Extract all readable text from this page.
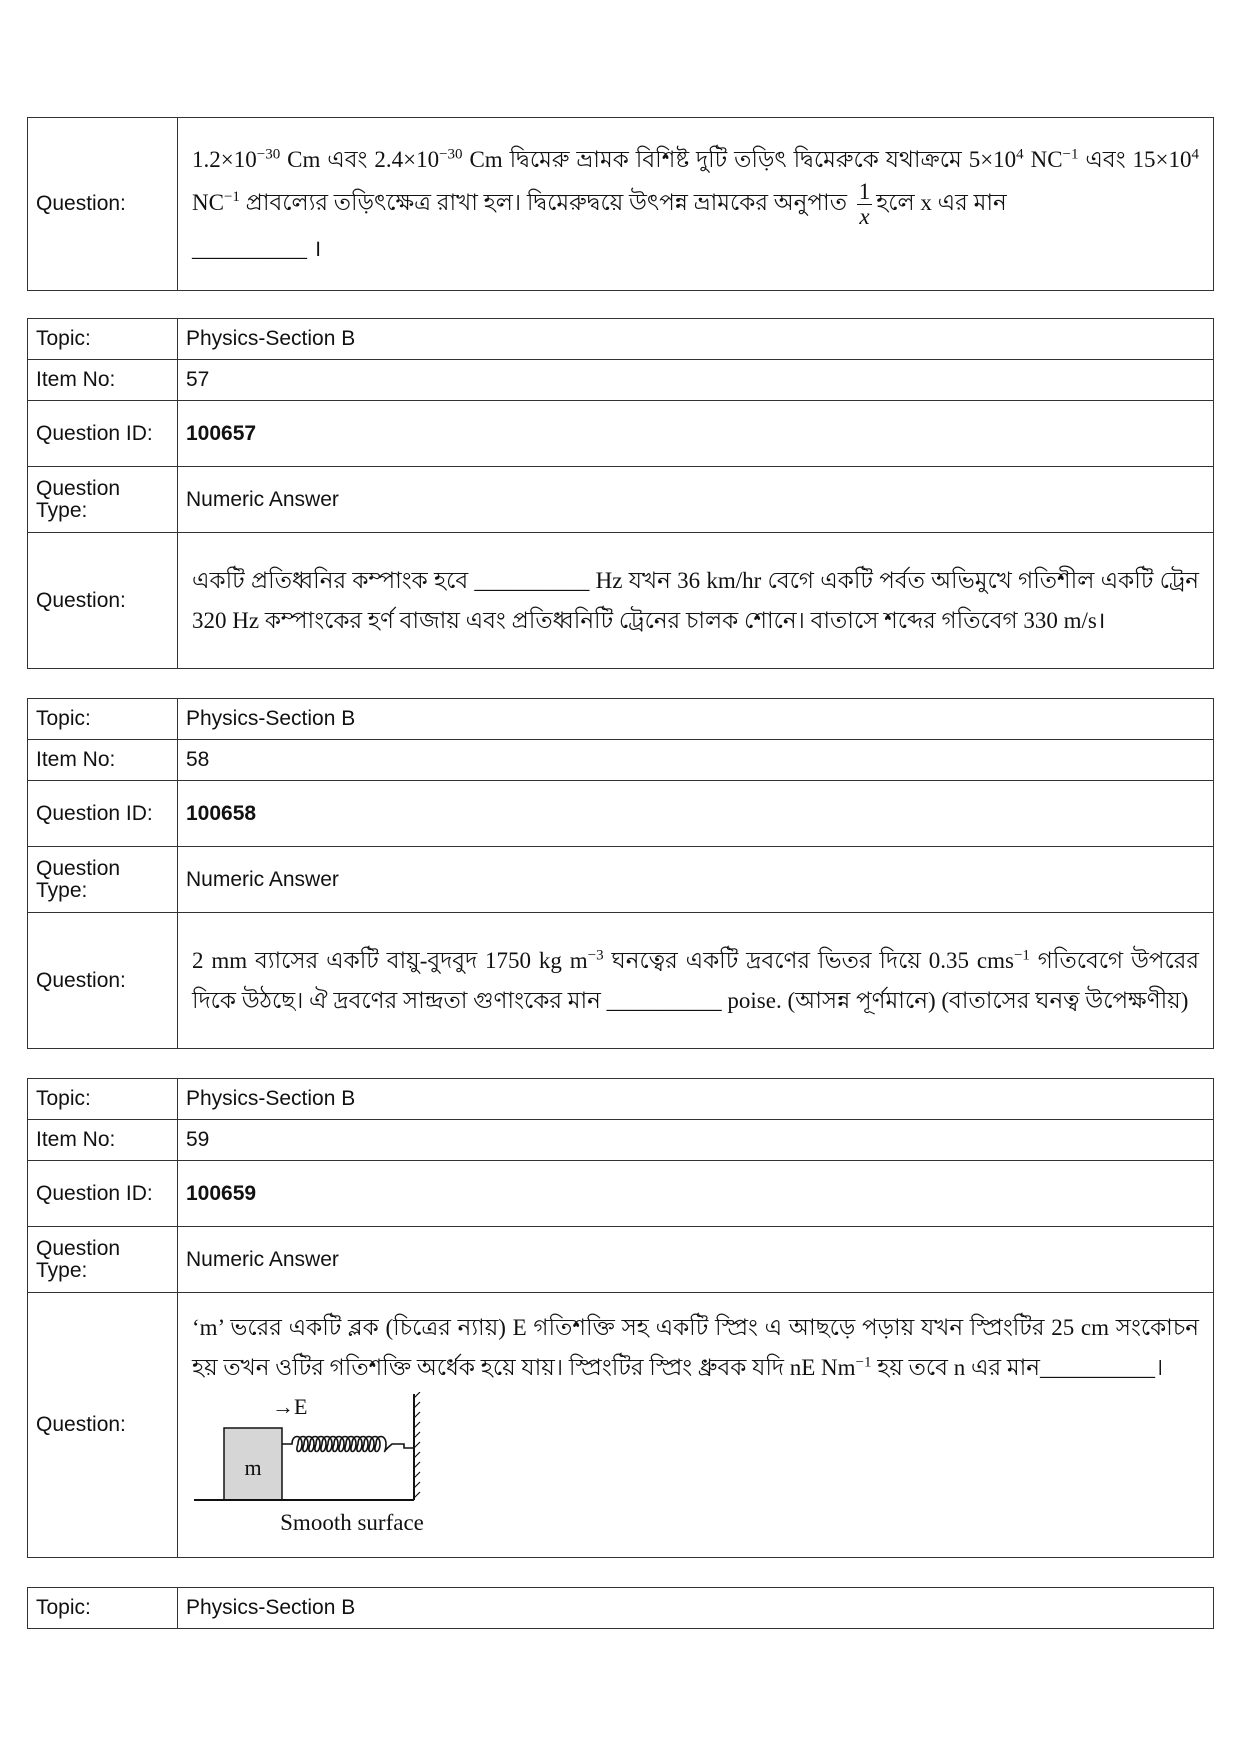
Question:	

$1.2\times 10^{-30}$ Cm এবং $2.4\times 10^{-30}$ Cm দ্বিমেরু ভ্রামক বিশিষ্ট দুটি তড়িৎ দ্বিমেরুকে যথাক্রমে $5\times 10^4$ $NC^{-1}$ এবং $15\times 10^4$ $NC^{-1}$ প্রাবল্যের তড়িৎক্ষেত্র রাখা হল। দ্বিমেরুদ্বয়ে উৎপন্ন ভ্রামকের অনুপাত $\frac{1}{x}$ হলে x এর মান

__________ ।

Topic:	Physics-Section B
Item No:	57
Question ID:	100657
Question Type:	Numeric Answer
Question:	একটি প্রতিধ্বনির কম্পাংক হবে __________ Hz যখন 36 km/hr বেগে একটি পর্বত অভিমুখে গতিশীল একটি ট্রেন 320 Hz কম্পাংকের হর্ণ বাজায় এবং প্রতিধ্বনিটি ট্রেনের চালক শোনে। বাতাসে শব্দের গতিবেগ 330 m/s।

Topic:	Physics-Section B
Item No:	58
Question ID:	100658
Question Type:	Numeric Answer
Question:	2 mm ব্যাসের একটি বায়ু-বুদবুদ 1750 kg $m^{-3}$ ঘনত্বের একটি দ্রবণের ভিতর দিয়ে 0.35 cms$^{-1}$ গতিবেগে উপরের দিকে উঠছে। ঐ দ্রবণের সান্দ্রতা গুণাংকের মান __________ poise. (আসন্ন পূর্ণমানে) (বাতাসের ঘনত্ব উপেক্ষণীয়)

Topic:	Physics-Section B
Item No:	59
Question ID:	100659
Question Type:	Numeric Answer
Question:	‘m’ ভরের একটি ব্লক (চিত্রের ন্যায়) E গতিশক্তি সহ একটি স্প্রিং এ আছড়ে পড়ায় যখন স্প্রিংটির 25 cm সংকোচন হয় তখন ওটির গতিশক্তি অর্ধেক হয়ে যায়। স্প্রিংটির স্প্রিং ধ্রুবক যদি nE $Nm^{-1}$ হয় তবে n এর মান__________।

→E
m
Smooth surface
Topic:	Physics-Section B
